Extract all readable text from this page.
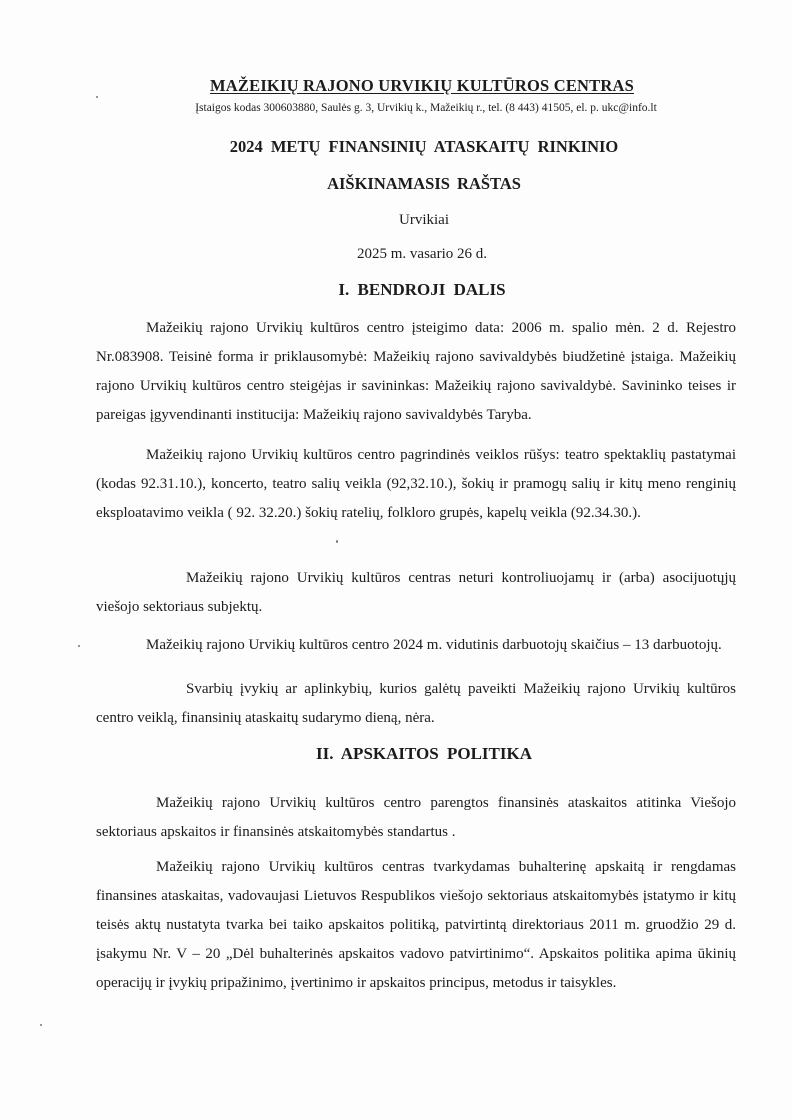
MAŽEIKIŲ RAJONO URVIKIŲ KULTŪROS CENTRAS
Įstaigos kodas 300603880, Saulės g. 3, Urvikių k., Mažeikių r., tel. (8 443) 41505, el. p. ukc@info.lt
2024 METŲ FINANSINIŲ ATASKAITŲ RINKINIO
AIŠKINAMASIS RAŠTAS
Urvikiai
2025 m. vasario 26 d.
I. BENDROJI DALIS
Mažeikių rajono Urvikių kultūros centro įsteigimo data: 2006 m. spalio mėn. 2 d. Rejestro Nr.083908. Teisinė forma ir priklausomybė: Mažeikių rajono savivaldybės biudžetinė įstaiga. Mažeikių rajono Urvikių kultūros centro steigėjas ir savininkas: Mažeikių rajono savivaldybė. Savininko teises ir pareigas įgyvendinanti institucija: Mažeikių rajono savivaldybės Taryba.
Mažeikių rajono Urvikių kultūros centro pagrindinės veiklos rūšys: teatro spektaklių pastatymai (kodas 92.31.10.), koncerto, teatro salių veikla (92,32.10.), šokių ir pramogų salių ir kitų meno renginių eksploatavimo veikla ( 92. 32.20.) šokių ratelių, folkloro grupės, kapelų veikla (92.34.30.).
Mažeikių rajono Urvikių kultūros centras neturi kontroliuojamų ir (arba) asocijuotųjų viešojo sektoriaus subjektų.
Mažeikių rajono Urvikių kultūros centro 2024 m. vidutinis darbuotojų skaičius – 13 darbuotojų.
Svarbių įvykių ar aplinkybių, kurios galėtų paveikti Mažeikių rajono Urvikių kultūros centro veiklą, finansinių ataskaitų sudarymo dieną, nėra.
II. APSKAITOS POLITIKA
Mažeikių rajono Urvikių kultūros centro parengtos finansinės ataskaitos atitinka Viešojo sektoriaus apskaitos ir finansinės atskaitomybės standartus .
Mažeikių rajono Urvikių kultūros centras tvarkydamas buhalterinę apskaitą ir rengdamas finansines ataskaitas, vadovaujasi Lietuvos Respublikos viešojo sektoriaus atskaitomybės įstatymo ir kitų teisės aktų nustatyta tvarka bei taiko apskaitos politiką, patvirtintą direktoriaus 2011 m. gruodžio 29 d. įsakymu Nr. V – 20 „Dėl buhalterinės apskaitos vadovo patvirtinimo“. Apskaitos politika apima ūkinių operacijų ir įvykių pripažinimo, įvertinimo ir apskaitos principus, metodus ir taisykles.
